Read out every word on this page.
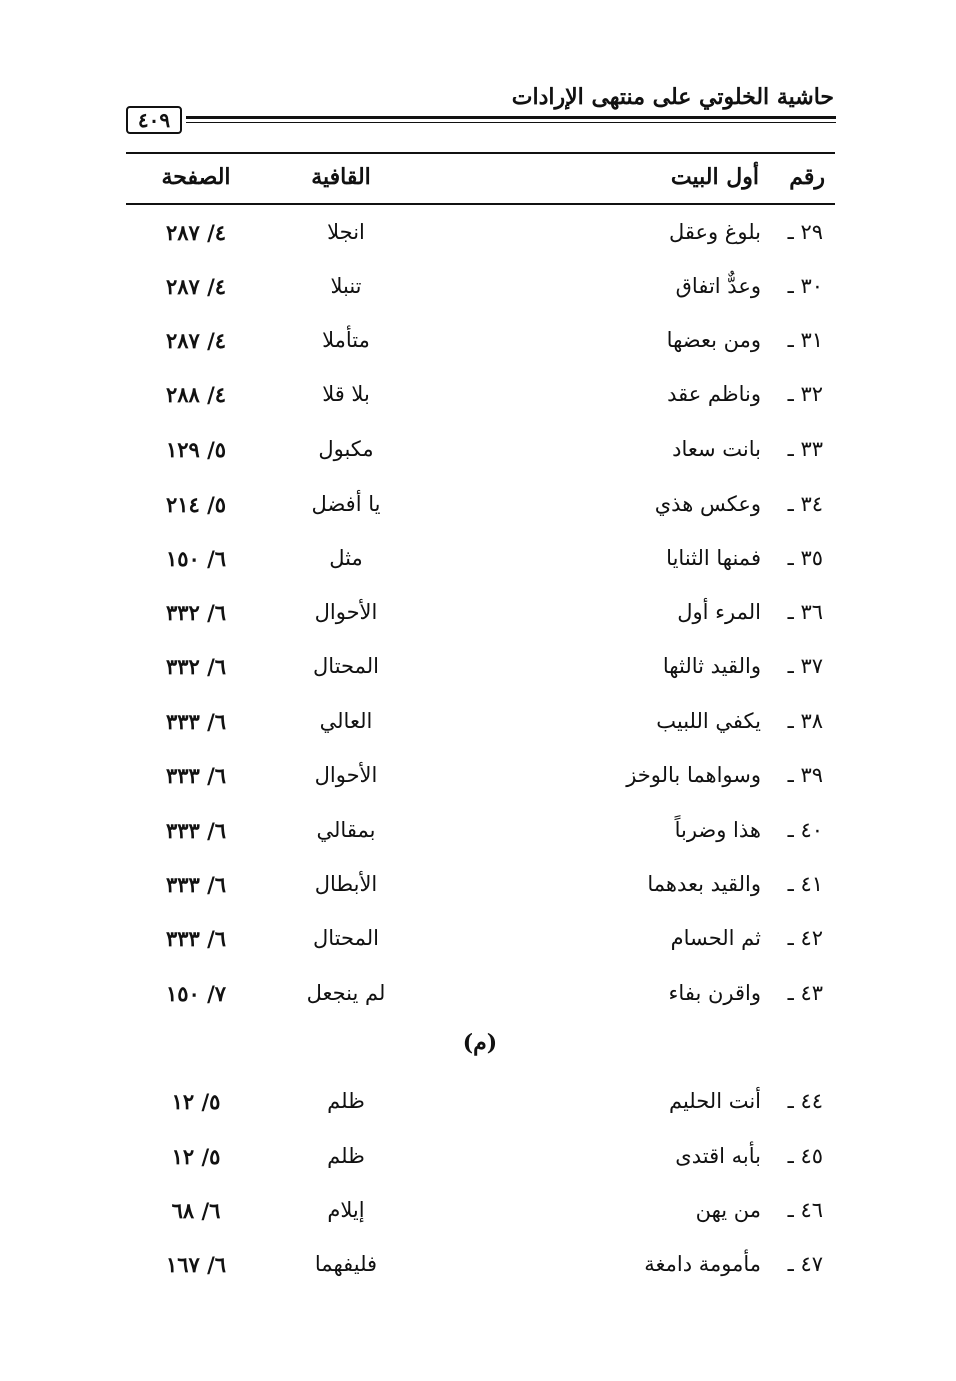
حاشية الخلوتي على منتهى الإرادات
٤٠٩
رقم
أول البيت
القافية
الصفحة
٢٩ ـ
بلوغ وعقل
انجلا
٤/ ٢٨٧
٣٠ ـ
وعدٌّ اتفاق
تنبلا
٤/ ٢٨٧
٣١ ـ
ومن بعضها
متأملا
٤/ ٢٨٧
٣٢ ـ
وناظم عقد
بلا قلا
٤/ ٢٨٨
٣٣ ـ
بانت سعاد
مكبول
٥/ ١٢٩
٣٤ ـ
وعكس هذي
يا أفضل
٥/ ٢١٤
٣٥ ـ
فمنها الثنايا
مثل
٦/ ١٥٠
٣٦ ـ
المرء أول
الأحوال
٦/ ٣٣٢
٣٧ ـ
والقيد ثالثها
المحتال
٦/ ٣٣٢
٣٨ ـ
يكفي اللبيب
العالي
٦/ ٣٣٣
٣٩ ـ
وسواهما بالوخز
الأحوال
٦/ ٣٣٣
٤٠ ـ
هذا وضرباً
بمقالي
٦/ ٣٣٣
٤١ ـ
والقيد بعدهما
الأبطال
٦/ ٣٣٣
٤٢ ـ
ثم الحسام
المحتال
٦/ ٣٣٣
٤٣ ـ
واقرن بفاء
لم ينجعل
٧/ ١٥٠
(م)
٤٤ ـ
أنت الحليم
ظلم
٥/ ١٢
٤٥ ـ
بأبه اقتدى
ظلم
٥/ ١٢
٤٦ ـ
من يهن
إيلام
٦/ ٦٨
٤٧ ـ
مأمومة دامغة
فليفهما
٦/ ١٦٧
